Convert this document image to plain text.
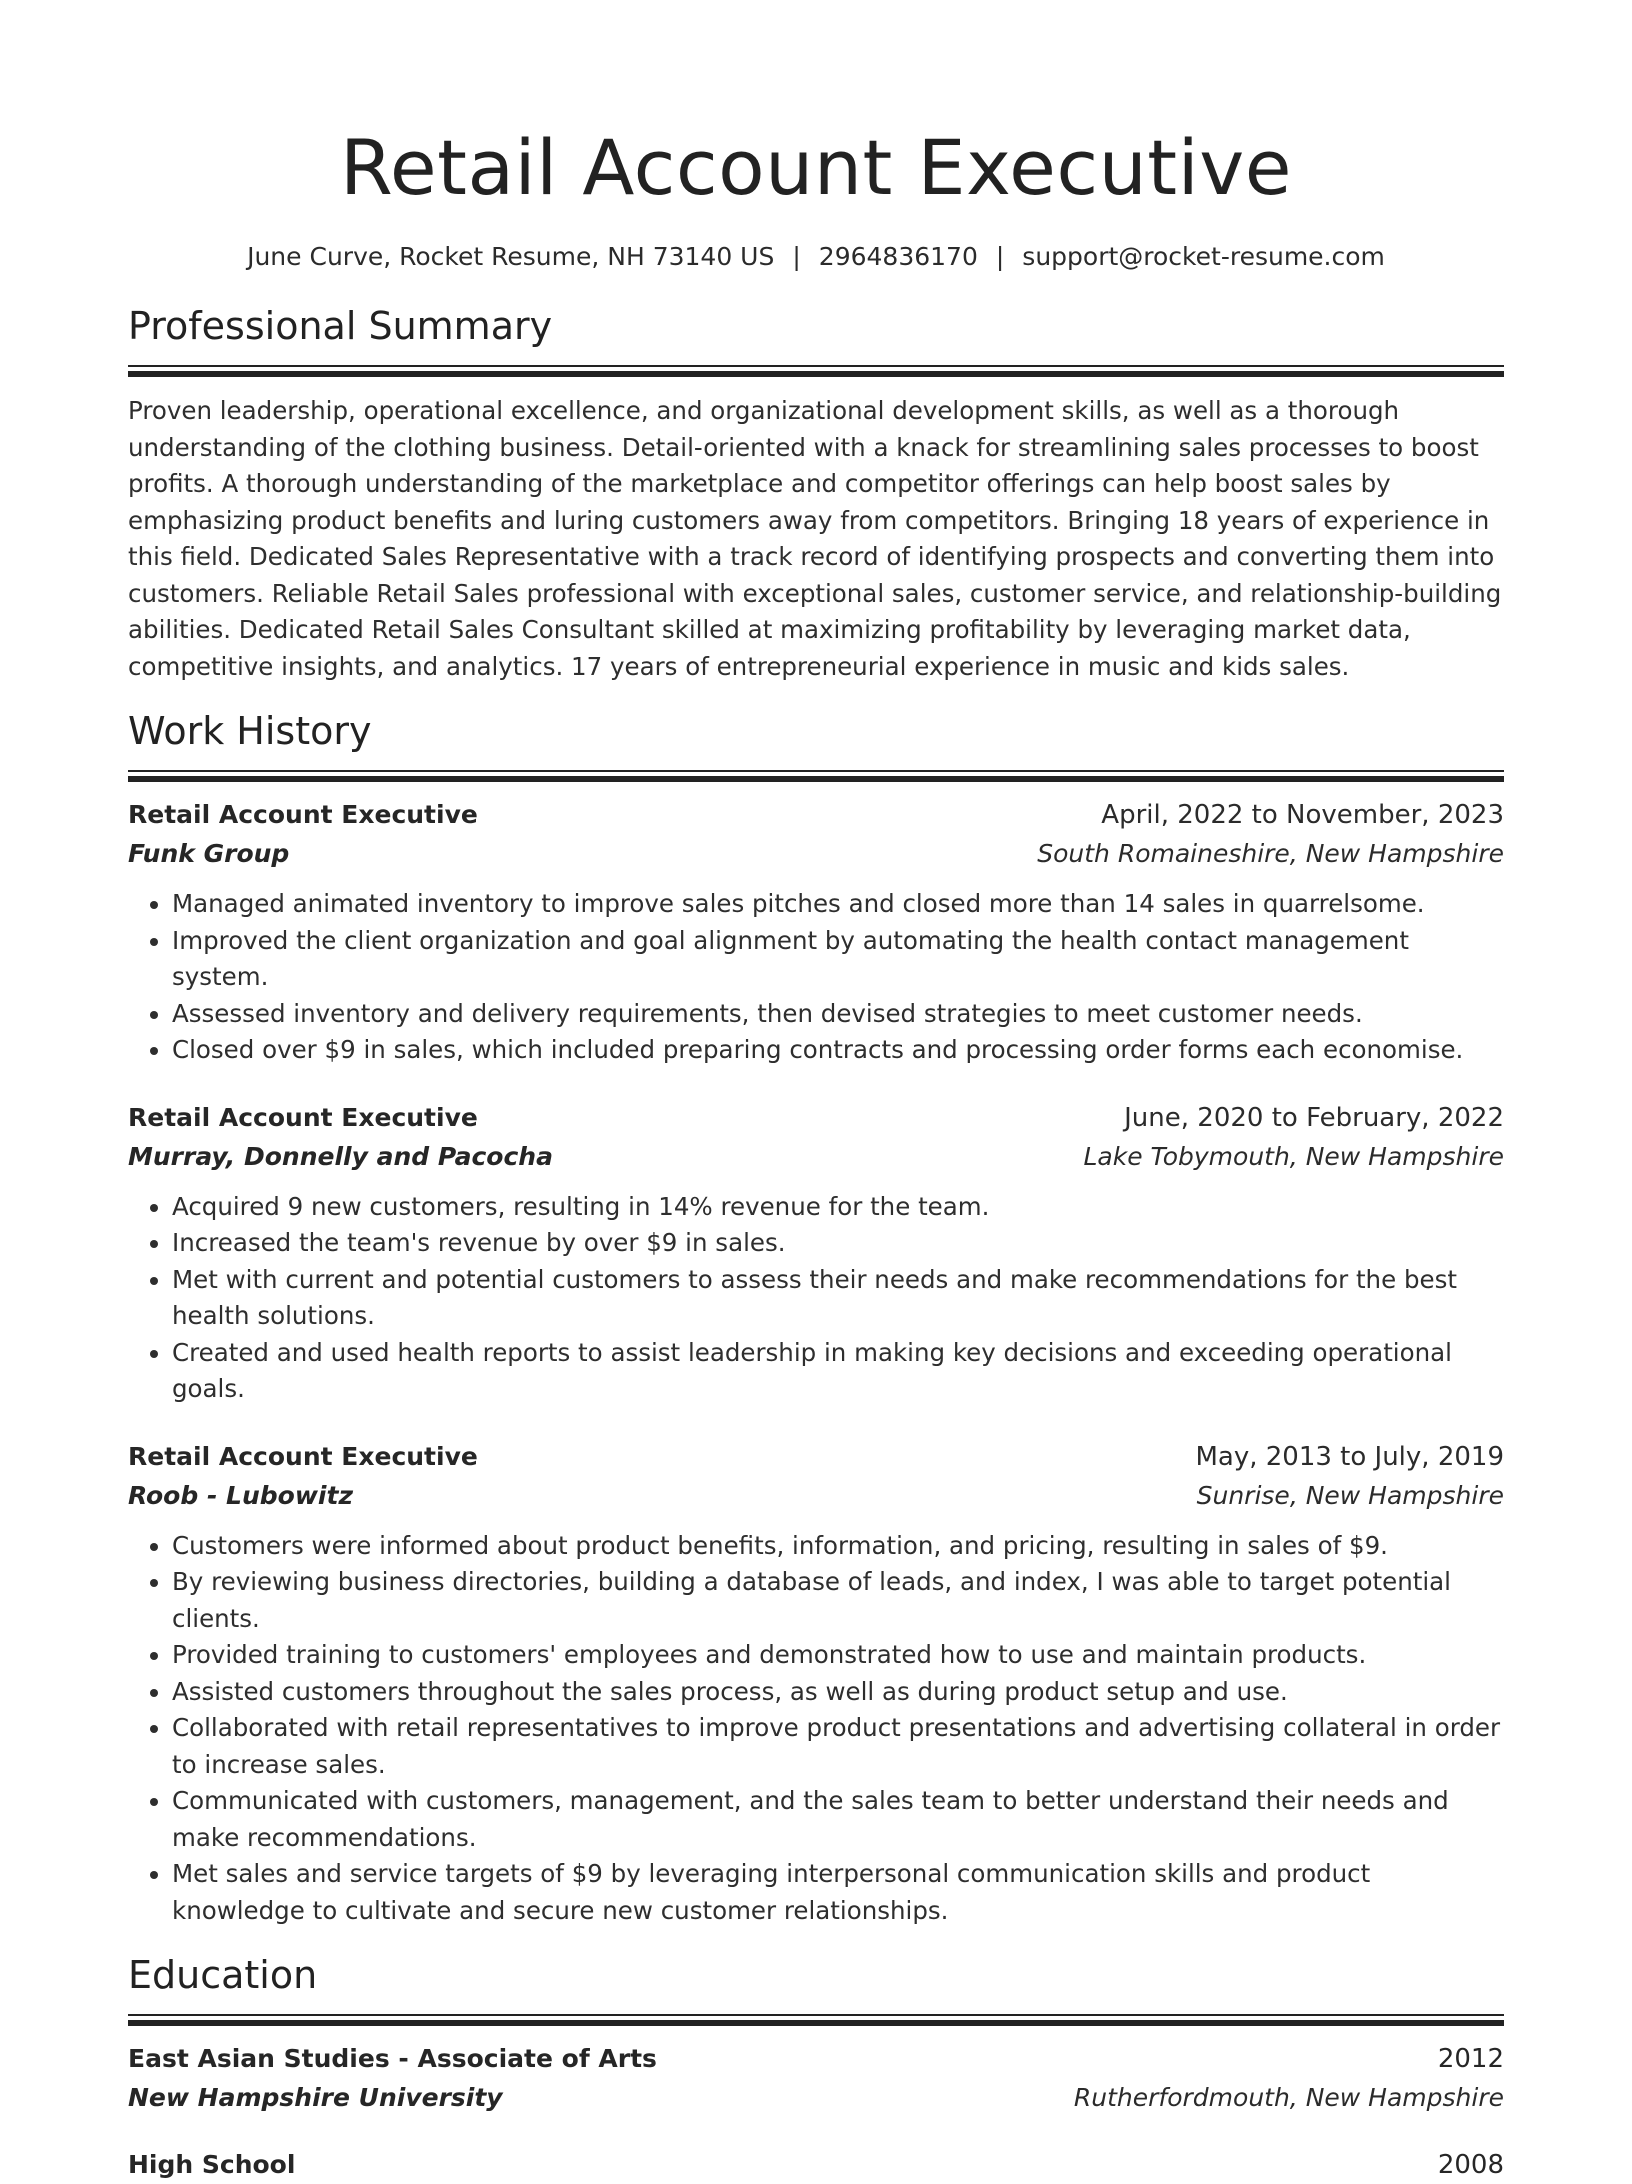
Retail Account Executive
June Curve, Rocket Resume, NH 73140 US | 2964836170 | support@rocket-resume.com
Professional Summary
Proven leadership, operational excellence, and organizational development skills, as well as a thorough understanding of the clothing business. Detail-oriented with a knack for streamlining sales processes to boost profits. A thorough understanding of the marketplace and competitor offerings can help boost sales by emphasizing product benefits and luring customers away from competitors. Bringing 18 years of experience in this field. Dedicated Sales Representative with a track record of identifying prospects and converting them into customers. Reliable Retail Sales professional with exceptional sales, customer service, and relationship-building abilities. Dedicated Retail Sales Consultant skilled at maximizing profitability by leveraging market data, competitive insights, and analytics. 17 years of entrepreneurial experience in music and kids sales.
Work History
Retail Account Executive	April, 2022 to November, 2023
Funk Group	South Romaineshire, New Hampshire
• Managed animated inventory to improve sales pitches and closed more than 14 sales in quarrelsome.
• Improved the client organization and goal alignment by automating the health contact management system.
• Assessed inventory and delivery requirements, then devised strategies to meet customer needs.
• Closed over $9 in sales, which included preparing contracts and processing order forms each economise.
Retail Account Executive	June, 2020 to February, 2022
Murray, Donnelly and Pacocha	Lake Tobymouth, New Hampshire
• Acquired 9 new customers, resulting in 14% revenue for the team.
• Increased the team's revenue by over $9 in sales.
• Met with current and potential customers to assess their needs and make recommendations for the best health solutions.
• Created and used health reports to assist leadership in making key decisions and exceeding operational goals.
Retail Account Executive	May, 2013 to July, 2019
Roob - Lubowitz	Sunrise, New Hampshire
• Customers were informed about product benefits, information, and pricing, resulting in sales of $9.
• By reviewing business directories, building a database of leads, and index, I was able to target potential clients.
• Provided training to customers' employees and demonstrated how to use and maintain products.
• Assisted customers throughout the sales process, as well as during product setup and use.
• Collaborated with retail representatives to improve product presentations and advertising collateral in order to increase sales.
• Communicated with customers, management, and the sales team to better understand their needs and make recommendations.
• Met sales and service targets of $9 by leveraging interpersonal communication skills and product knowledge to cultivate and secure new customer relationships.
Education
East Asian Studies - Associate of Arts	2012
New Hampshire University	Rutherfordmouth, New Hampshire
High School	2008
